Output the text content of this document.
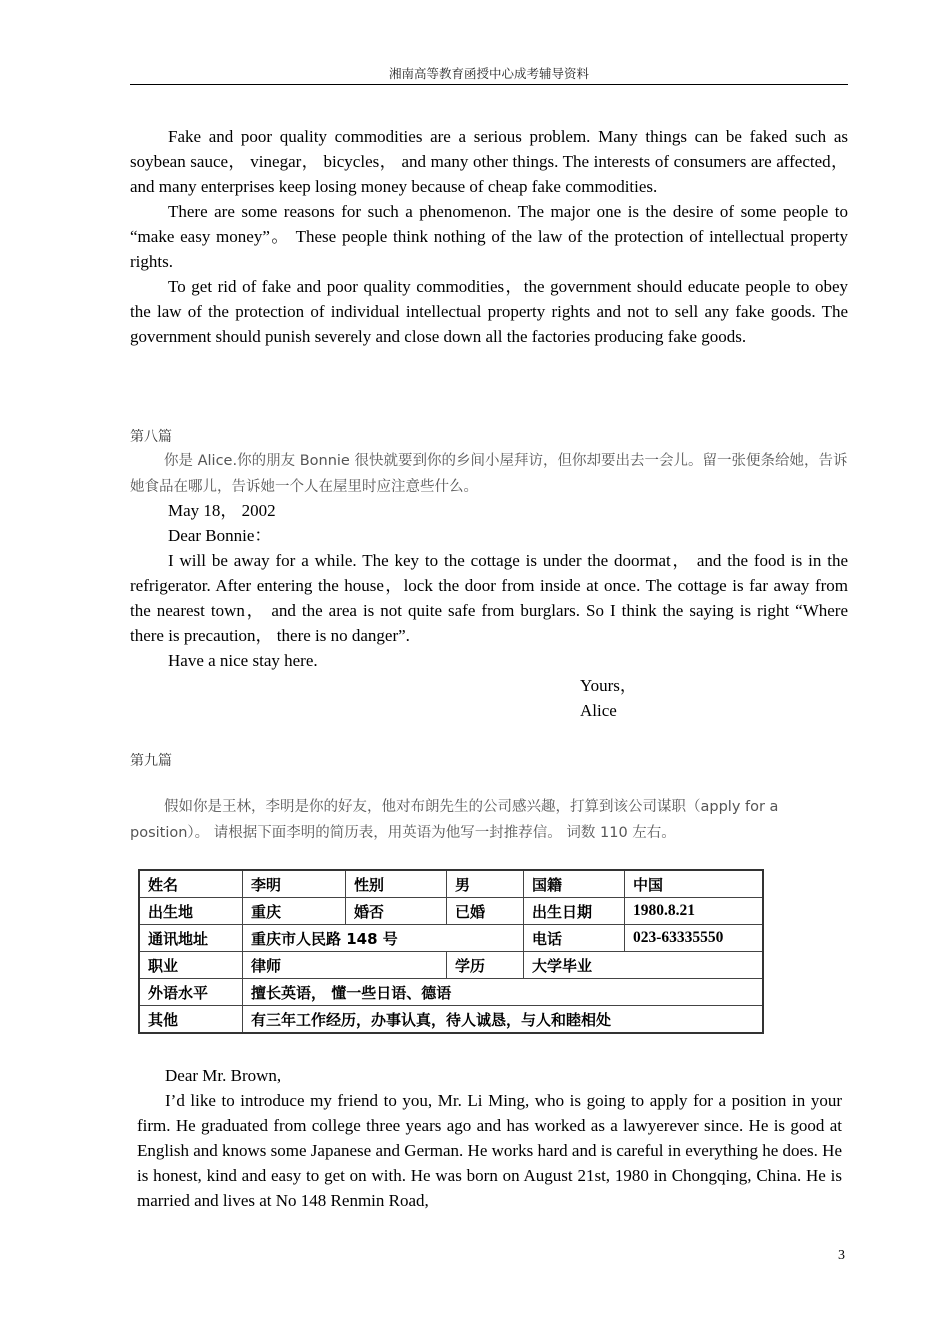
湘南高等教育函授中心成考辅导资料

Fake and poor quality commodities are a serious problem. Many things can be faked such as soybean sauce， vinegar， bicycles， and many other things. The interests of consumers are affected， and many enterprises keep losing money because of cheap fake commodities.

There are some reasons for such a phenomenon. The major one is the desire of some people to “make easy money”。 These people think nothing of the law of the protection of intellectual property rights.

To get rid of fake and poor quality commodities，the government should educate people to obey the law of the protection of individual intellectual property rights and not to sell any fake goods. The government should punish severely and close down all the factories producing fake goods.

第八篇

你是 Alice.你的朋友 Bonnie 很快就要到你的乡间小屋拜访，但你却要出去一会儿。留一张便条给她，告诉她食品在哪儿，告诉她一个人在屋里时应注意些什么。

May 18， 2002
Dear Bonnie：

I will be away for a while. The key to the cottage is under the doormat， and the food is in the refrigerator. After entering the house，lock the door from inside at once. The cottage is far away from the nearest town， and the area is not quite safe from burglars. So I think the saying is right “Where there is precaution， there is no danger”.

Have a nice stay here.
Yours，
Alice
第九篇

假如你是王林，李明是你的好友，他对布朗先生的公司感兴趣，打算到该公司谋职（apply for a position）。 请根据下面李明的简历表，用英语为他写一封推荐信。 词数 110 左右。

姓名	李明	性别	男	国籍	中国
出生地	重庆	婚否	已婚	出生日期	1980.8.21
通讯地址	重庆市人民路 148 号			电话	023-63335550
职业	律师		学历	大学毕业	
外语水平	擅长英语， 懂一些日语、德语				
其他	有三年工作经历，办事认真，待人诚恳，与人和睦相处				
Dear Mr. Brown,

I’d like to introduce my friend to you, Mr. Li Ming, who is going to apply for a position in your firm. He graduated from college three years ago and has worked as a lawyerever since. He is good at English and knows some Japanese and German. He works hard and is careful in everything he does. He is honest, kind and easy to get on with. He was born on August 21st, 1980 in Chongqing, China. He is married and lives at No 148 Renmin Road,

3
